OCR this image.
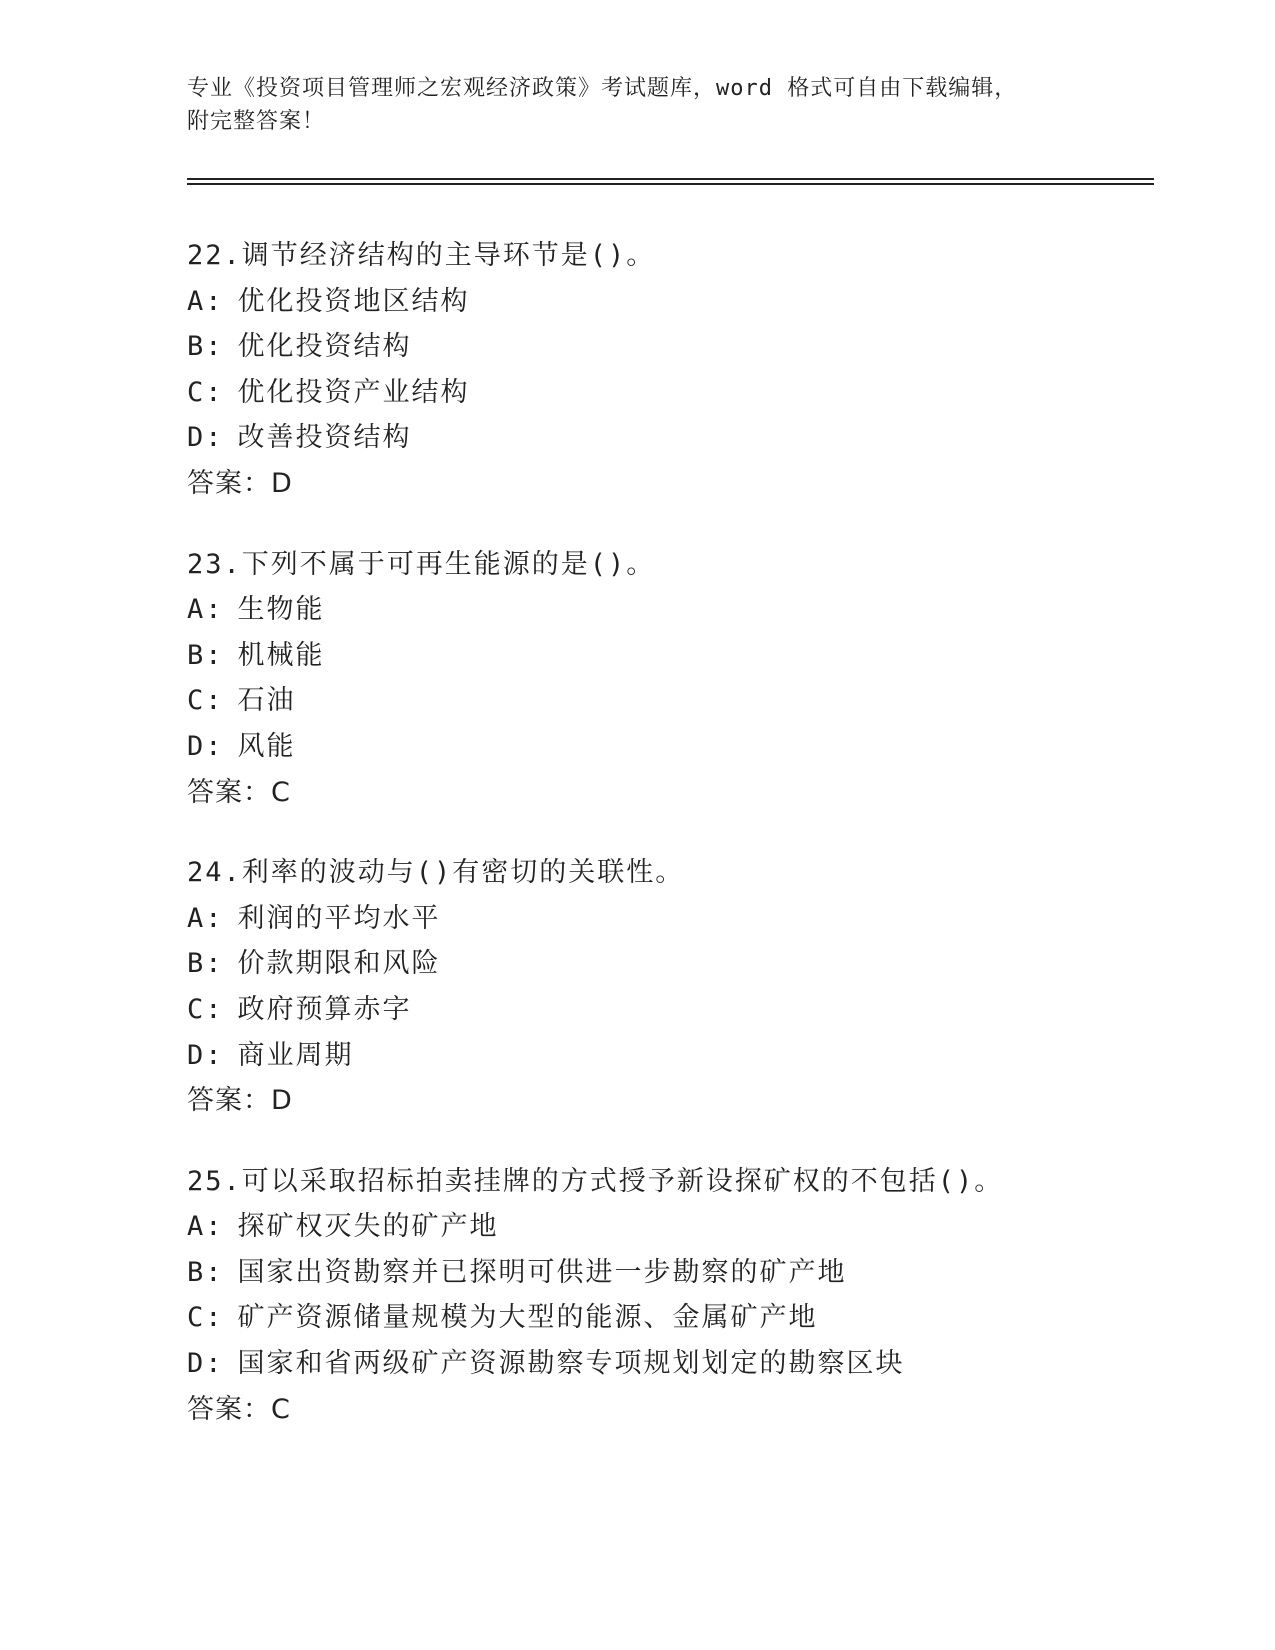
专业《投资项目管理师之宏观经济政策》考试题库，word 格式可自由下载编辑，
附完整答案！
22.调节经济结构的主导环节是()。
A: 优化投资地区结构
B: 优化投资结构
C: 优化投资产业结构
D: 改善投资结构
答案：D
23.下列不属于可再生能源的是()。
A: 生物能
B: 机械能
C: 石油
D: 风能
答案：C
24.利率的波动与()有密切的关联性。
A: 利润的平均水平
B: 价款期限和风险
C: 政府预算赤字
D: 商业周期
答案：D
25.可以采取招标拍卖挂牌的方式授予新设探矿权的不包括()。
A: 探矿权灭失的矿产地
B: 国家出资勘察并已探明可供进一步勘察的矿产地
C: 矿产资源储量规模为大型的能源、金属矿产地
D: 国家和省两级矿产资源勘察专项规划划定的勘察区块
答案：C
